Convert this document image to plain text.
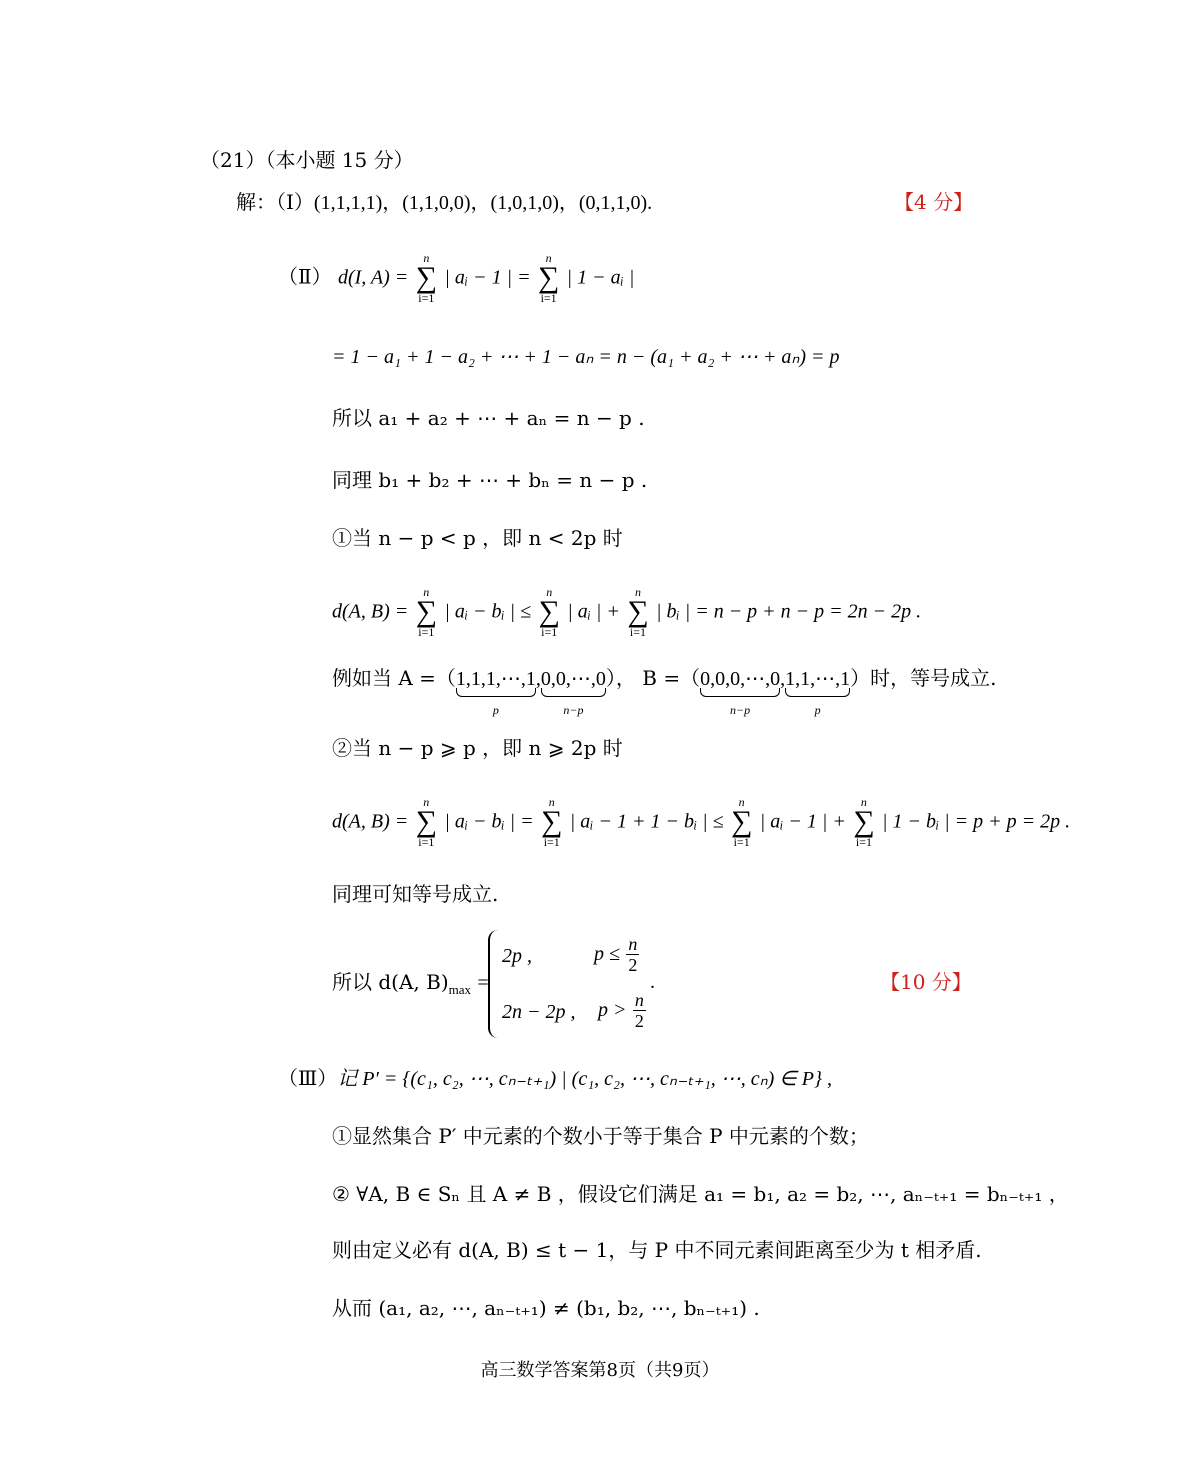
（21）（本小题 15 分）
解：（Ⅰ）(1,1,1,1)，(1,1,0,0)，(1,0,1,0)，(0,1,1,0).	【4 分】
（Ⅱ） d(I, A) =
n
∑
i=1
| aᵢ − 1 | =
n
∑
i=1
| 1 − aᵢ |
= 1 − a₁ + 1 − a₂ + ⋯ + 1 − aₙ = n − (a₁ + a₂ + ⋯ + aₙ) = p
所以 a₁ + a₂ + ⋯ + aₙ = n − p .
同理 b₁ + b₂ + ⋯ + bₙ = n − p .
①当 n − p < p ，即 n < 2p 时
d(A, B) =
n
∑
i=1
| aᵢ − bᵢ | ≤
n
∑
i=1
| aᵢ | +
n
∑
i=1
| bᵢ | = n − p + n − p = 2n − 2p .
例如当 A =（1,1,1,⋯,1
p
,0,0,⋯,0
n−p
）， B =（0,0,0,⋯,0
n−p
,1,1,⋯,1
p
）时，等号成立.
②当 n − p ⩾ p ，即 n ⩾ 2p 时
d(A, B) =
n
∑
i=1
| aᵢ − bᵢ | =
n
∑
i=1
| aᵢ − 1 + 1 − bᵢ | ≤
n
∑
i=1
| aᵢ − 1 | +
n
∑
i=1
| 1 − bᵢ | = p + p = 2p .
同理可知等号成立.
所以 d(A, $B)_{max}$ =
2p ,	$p \le \frac{n}{2}$
2n − 2p , $p > \frac{n}{2}$
.	【10 分】
（Ⅲ）记 P′ = {(c₁, c₂, ⋯, cₙ₋ₜ₊₁) | (c₁, c₂, ⋯, cₙ₋ₜ₊₁, ⋯, cₙ) ∈ P} ,
①显然集合 P′ 中元素的个数小于等于集合 P 中元素的个数；
② ∀A, B ∈ Sₙ 且 A ≠ B ，假设它们满足 a₁ = b₁, a₂ = b₂, ⋯, aₙ₋ₜ₊₁ = bₙ₋ₜ₊₁ ，
则由定义必有 d(A, B) ≤ t − 1，与 P 中不同元素间距离至少为 t 相矛盾.
从而 (a₁, a₂, ⋯, aₙ₋ₜ₊₁) ≠ (b₁, b₂, ⋯, bₙ₋ₜ₊₁) .
高三数学答案第8页（共9页）
